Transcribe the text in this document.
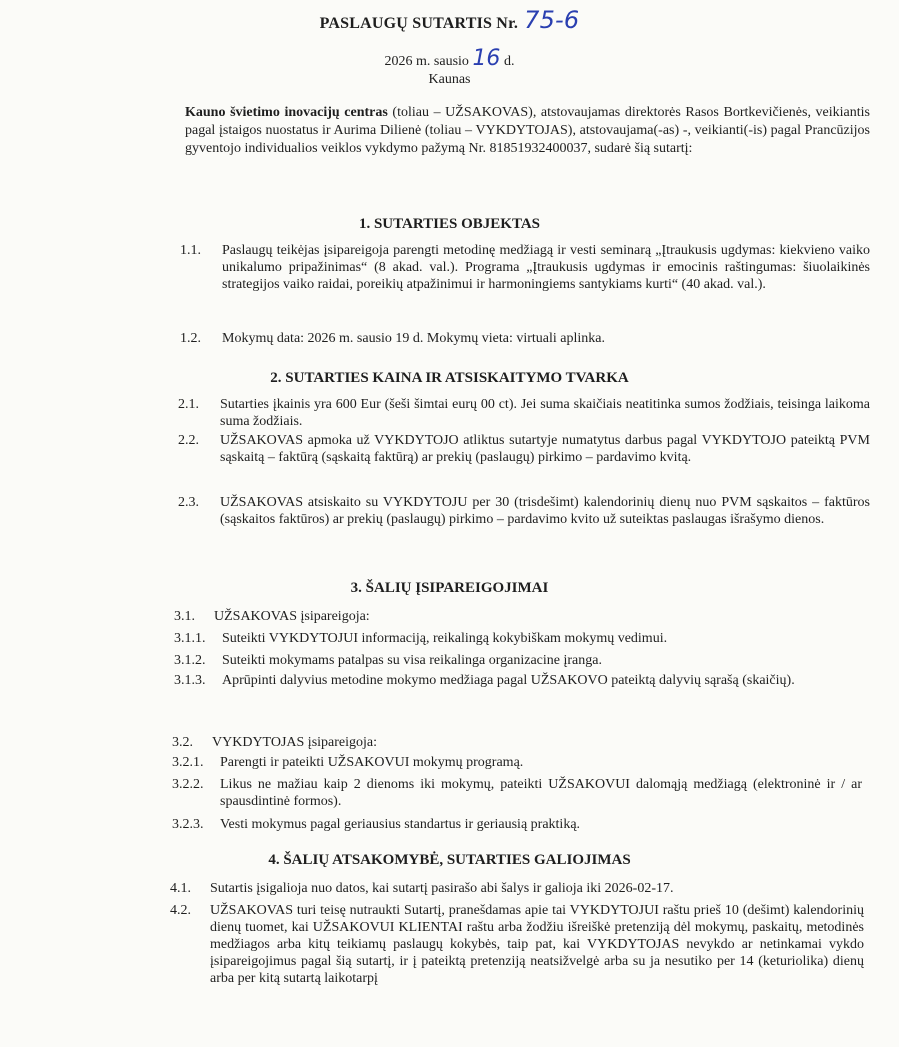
PASLAUGŲ SUTARTIS Nr. 75-6
2026 m. sausio 16 d.
Kaunas
Kauno švietimo inovacijų centras (toliau – UŽSAKOVAS), atstovaujamas direktorės Rasos Bortkevičienės, veikiantis pagal įstaigos nuostatus ir Aurima Dilienė (toliau – VYKDYTOJAS), atstovaujama(-as) -, veikianti(-is) pagal Prancūzijos gyventojo individualios veiklos vykdymo pažymą Nr. 81851932400037, sudarė šią sutartį:
1. SUTARTIES OBJEKTAS
1.1. Paslaugų teikėjas įsipareigoja parengti metodinę medžiagą ir vesti seminarą „Įtraukusis ugdymas: kiekvieno vaiko unikalumo pripažinimas“ (8 akad. val.). Programa „Įtraukusis ugdymas ir emocinis raštingumas: šiuolaikinės strategijos vaiko raidai, poreikių atpažinimui ir harmoningiems santykiams kurti“ (40 akad. val.).
1.2. Mokymų data: 2026 m. sausio 19 d. Mokymų vieta: virtuali aplinka.
2. SUTARTIES KAINA IR ATSISKAITYMO TVARKA
2.1. Sutarties įkainis yra 600 Eur (šeši šimtai eurų 00 ct). Jei suma skaičiais neatitinka sumos žodžiais, teisinga laikoma suma žodžiais.
2.2. UŽSAKOVAS apmoka už VYKDYTOJO atliktus sutartyje numatytus darbus pagal VYKDYTOJO pateiktą PVM sąskaitą – faktūrą (sąskaitą faktūrą) ar prekių (paslaugų) pirkimo – pardavimo kvitą.
2.3. UŽSAKOVAS atsiskaito su VYKDYTOJU per 30 (trisdešimt) kalendorinių dienų nuo PVM sąskaitos – faktūros (sąskaitos faktūros) ar prekių (paslaugų) pirkimo – pardavimo kvito už suteiktas paslaugas išrašymo dienos.
3. ŠALIŲ ĮSIPAREIGOJIMAI
3.1. UŽSAKOVAS įsipareigoja:
3.1.1. Suteikti VYKDYTOJUI informaciją, reikalingą kokybiškam mokymų vedimui.
3.1.2. Suteikti mokymams patalpas su visa reikalinga organizacine įranga.
3.1.3. Aprūpinti dalyvius metodine mokymo medžiaga pagal UŽSAKOVO pateiktą dalyvių sąrašą (skaičių).
3.2. VYKDYTOJAS įsipareigoja:
3.2.1. Parengti ir pateikti UŽSAKOVUI mokymų programą.
3.2.2. Likus ne mažiau kaip 2 dienoms iki mokymų, pateikti UŽSAKOVUI dalomąją medžiagą (elektroninė ir / ar spausdintinė formos).
3.2.3. Vesti mokymus pagal geriausius standartus ir geriausią praktiką.
4. ŠALIŲ ATSAKOMYBĖ, SUTARTIES GALIOJIMAS
4.1. Sutartis įsigalioja nuo datos, kai sutartį pasirašo abi šalys ir galioja iki 2026-02-17.
4.2. UŽSAKOVAS turi teisę nutraukti Sutartį, pranešdamas apie tai VYKDYTOJUI raštu prieš 10 (dešimt) kalendorinių dienų tuomet, kai UŽSAKOVUI KLIENTAI raštu arba žodžiu išreiškė pretenziją dėl mokymų, paskaitų, metodinės medžiagos arba kitų teikiamų paslaugų kokybės, taip pat, kai VYKDYTOJAS nevykdo ar netinkamai vykdo įsipareigojimus pagal šią sutartį, ir į pateiktą pretenziją neatsižvelgė arba su ja nesutiko per 14 (keturiolika) dienų arba per kitą sutartą laikotarpį
